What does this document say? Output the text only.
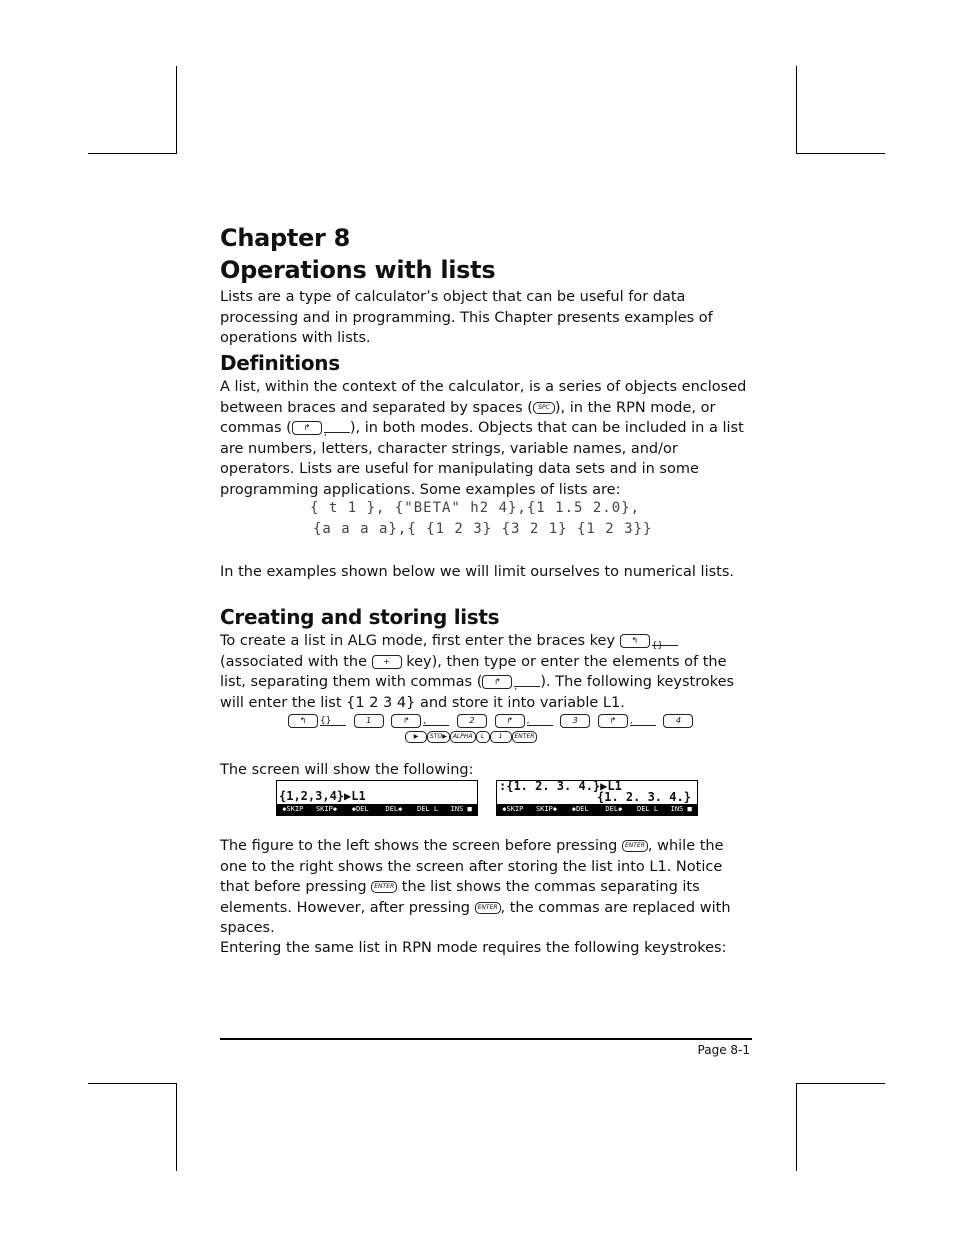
Chapter 8
Operations with lists
Lists are a type of calculator’s object that can be useful for data processing and in programming. This Chapter presents examples of operations with lists.
Definitions
A list, within the context of the calculator, is a series of objects enclosed between braces and separated by spaces ( SPC ), in the RPN mode, or commas ( ↱, ), in both modes. Objects that can be included in a list are numbers, letters, character strings, variable names, and/or operators. Lists are useful for manipulating data sets and in some programming applications. Some examples of lists are:
{ t 1 }, {"BETA" h2 4},{1 1.5 2.0},
{a a a a},{ {1 2 3} {3 2 1} {1 2 3}}
In the examples shown below we will limit ourselves to numerical lists.
Creating and storing lists
To create a list in ALG mode, first enter the braces key ↰{} (associated with the + key), then type or enter the elements of the list, separating them with commas ( ↱, ). The following keystrokes will enter the list {1 2 3 4} and store it into variable L1.
↰ {}	1	↱ ,	2	↱ ,	3	↱ ,	4
▶ STO▶ ALPHA L 1 ENTER
The screen will show the following:
{1,2,3,4}▶L1
◆SKIP	SKIP◆	◆DEL	DEL◆	DEL L	INS ■
:{1. 2. 3. 4.}▶L1
{1. 2. 3. 4.}
◆SKIP	SKIP◆	◆DEL	DEL◆	DEL L	INS ■
The figure to the left shows the screen before pressing ENTER , while the one to the right shows the screen after storing the list into L1. Notice that before pressing ENTER the list shows the commas separating its elements. However, after pressing ENTER , the commas are replaced with spaces.
Entering the same list in RPN mode requires the following keystrokes:
Page 8-1
